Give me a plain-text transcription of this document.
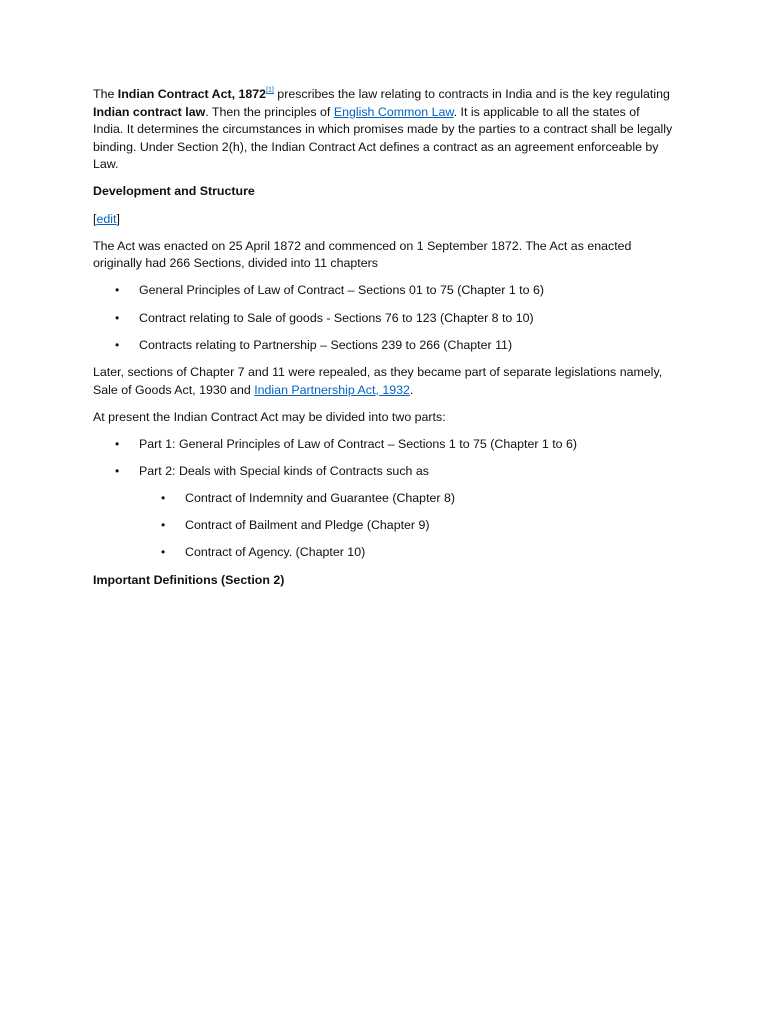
The Indian Contract Act, 1872[1] prescribes the law relating to contracts in India and is the key regulating Indian contract law. Then the principles of English Common Law. It is applicable to all the states of India. It determines the circumstances in which promises made by the parties to a contract shall be legally binding. Under Section 2(h), the Indian Contract Act defines a contract as an agreement enforceable by Law.

Development and Structure

[edit]

The Act was enacted on 25 April 1872 and commenced on 1 September 1872. The Act as enacted originally had 266 Sections, divided into 11 chapters

• General Principles of Law of Contract – Sections 01 to 75 (Chapter 1 to 6)
• Contract relating to Sale of goods - Sections 76 to 123 (Chapter 8 to 10)
• Contracts relating to Partnership – Sections 239 to 266 (Chapter 11)

Later, sections of Chapter 7 and 11 were repealed, as they became part of separate legislations namely, Sale of Goods Act, 1930 and Indian Partnership Act, 1932.

At present the Indian Contract Act may be divided into two parts:

• Part 1: General Principles of Law of Contract – Sections 1 to 75 (Chapter 1 to 6)
• Part 2: Deals with Special kinds of Contracts such as
• Contract of Indemnity and Guarantee (Chapter 8)
• Contract of Bailment and Pledge (Chapter 9)
• Contract of Agency. (Chapter 10)

Important Definitions (Section 2)
